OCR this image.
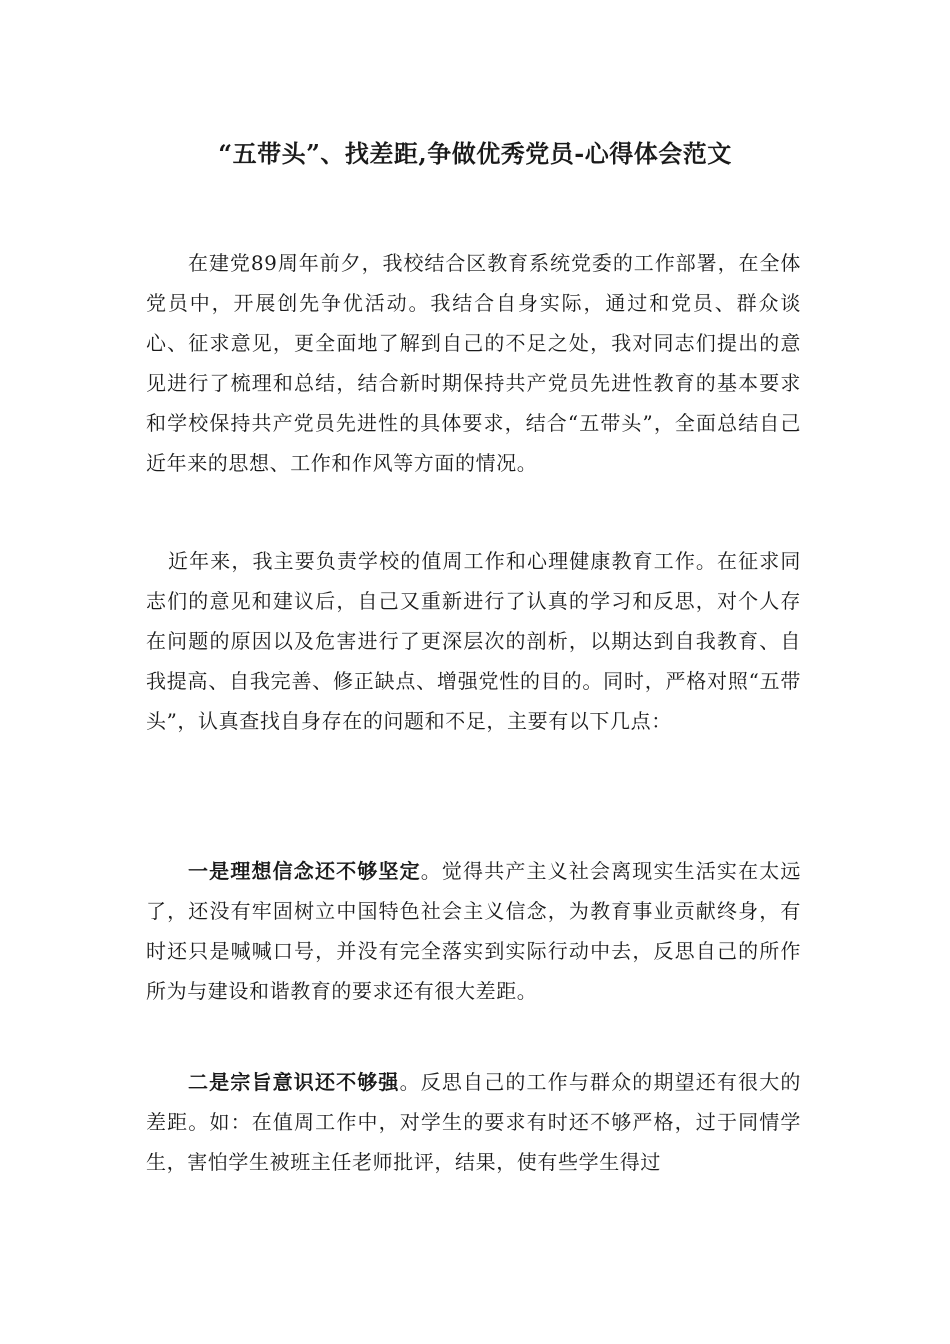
“五带头”、找差距,争做优秀党员-心得体会范文

在建党89周年前夕，我校结合区教育系统党委的工作部署，在全体党员中，开展创先争优活动。我结合自身实际，通过和党员、群众谈心、征求意见，更全面地了解到自己的不足之处，我对同志们提出的意见进行了梳理和总结，结合新时期保持共产党员先进性教育的基本要求和学校保持共产党员先进性的具体要求，结合“五带头”，全面总结自己近年来的思想、工作和作风等方面的情况。

近年来，我主要负责学校的值周工作和心理健康教育工作。在征求同志们的意见和建议后，自己又重新进行了认真的学习和反思，对个人存在问题的原因以及危害进行了更深层次的剖析，以期达到自我教育、自我提高、自我完善、修正缺点、增强党性的目的。同时，严格对照“五带头”，认真查找自身存在的问题和不足，主要有以下几点：

一是理想信念还不够坚定。觉得共产主义社会离现实生活实在太远了，还没有牢固树立中国特色社会主义信念，为教育事业贡献终身，有时还只是喊喊口号，并没有完全落实到实际行动中去，反思自己的所作所为与建设和谐教育的要求还有很大差距。

二是宗旨意识还不够强。反思自己的工作与群众的期望还有很大的差距。如：在值周工作中，对学生的要求有时还不够严格，过于同情学生，害怕学生被班主任老师批评，结果，使有些学生得过
